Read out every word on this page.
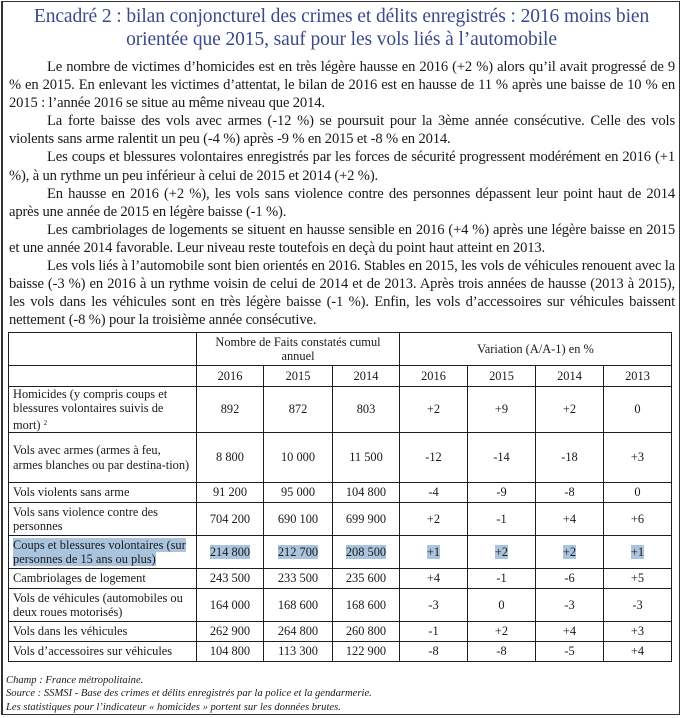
Encadré 2 : bilan conjoncturel des crimes et délits enregistrés : 2016 moins bien
orientée que 2015, sauf pour les vols liés à l’automobile

Le nombre de victimes d’homicides est en très légère hausse en 2016 (+2 %) alors qu’il avait progressé de 9 % en 2015. En enlevant les victimes d’attentat, le bilan de 2016 est en hausse de 11 % après une baisse de 10 % en 2015 : l’année 2016 se situe au même niveau que 2014.

La forte baisse des vols avec armes (-12 %) se poursuit pour la 3ème année consécutive. Celle des vols violents sans arme ralentit un peu (-4 %) après -9 % en 2015 et -8 % en 2014.

Les coups et blessures volontaires enregistrés par les forces de sécurité progressent modérément en 2016 (+1 %), à un rythme un peu inférieur à celui de 2015 et 2014 (+2 %).

En hausse en 2016 (+2 %), les vols sans violence contre des personnes dépassent leur point haut de 2014 après une année de 2015 en légère baisse (-1 %).

Les cambriolages de logements se situent en hausse sensible en 2016 (+4 %) après une légère baisse en 2015 et une année 2014 favorable. Leur niveau reste toutefois en deçà du point haut atteint en 2013.

Les vols liés à l’automobile sont bien orientés en 2016. Stables en 2015, les vols de véhicules renouent avec la baisse (-3 %) en 2016 à un rythme voisin de celui de 2014 et de 2013. Après trois années de hausse (2013 à 2015), les vols dans les véhicules sont en très légère baisse (-1 %). Enfin, les vols d’accessoires sur véhicules baissent nettement (-8 %) pour la troisième année consécutive.

	Nombre de Faits constatés cumul annuel			Variation (A/A-1) en %			
	2016	2015	2014	2016	2015	2014	2013
Homicides (y compris coups et blessures volontaires suivis de mort) $^2$	892	872	803	+2	+9	+2	0
Vols avec armes (armes à feu, armes blanches ou par destina-tion)	8 800	10 000	11 500	-12	-14	-18	+3
Vols violents sans arme	91 200	95 000	104 800	-4	-9	-8	0
Vols sans violence contre des personnes	704 200	690 100	699 900	+2	-1	+4	+6
Coups et blessures volontaires (sur personnes de 15 ans ou plus)	214 800	212 700	208 500	+1	+2	+2	+1
Cambriolages de logement	243 500	233 500	235 600	+4	-1	-6	+5
Vols de véhicules (automobiles ou deux roues motorisés)	164 000	168 600	168 600	-3	0	-3	-3
Vols dans les véhicules	262 900	264 800	260 800	-1	+2	+4	+3
Vols d’accessoires sur véhicules	104 800	113 300	122 900	-8	-8	-5	+4
Champ : France métropolitaine.
Source : SSMSI - Base des crimes et délits enregistrés par la police et la gendarmerie.
Les statistiques pour l’indicateur « homicides » portent sur les données brutes.
